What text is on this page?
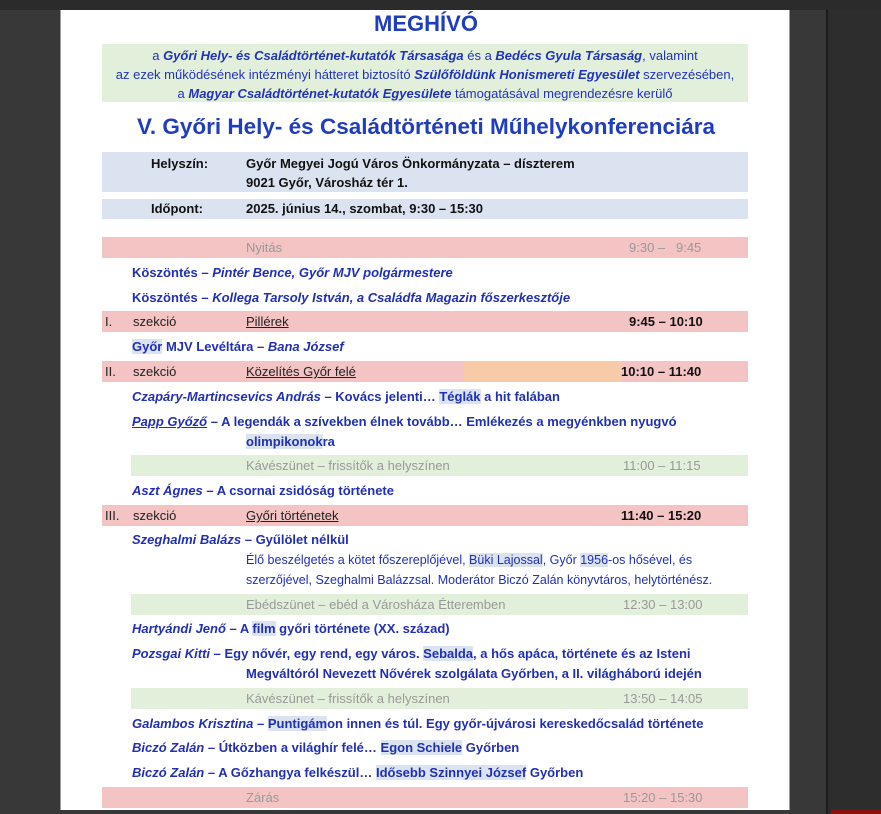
MEGHÍVÓ
a Győri Hely- és Családtörténet-kutatók Társasága és a Bedécs Gyula Társaság, valamint
az ezek működésének intézményi hátteret biztosító Szülőföldünk Honismereti Egyesület szervezésében,
a Magyar Családtörténet-kutatók Egyesülete támogatásával megrendezésre kerülő
V. Győri Hely- és Családtörténeti Műhelykonferenciára
Helyszín:	Győr Megyei Jogú Város Önkormányzata – díszterem
9021 Győr, Városház tér 1.
Időpont:	2025. június 14., szombat, 9:30 – 15:30
Nyitás	9:30 –   9:45
Köszöntés – Pintér Bence, Győr MJV polgármestere
Köszöntés – Kollega Tarsoly István, a Családfa Magazin főszerkesztője
I. szekció	Pillérek	9:45 – 10:10
Győr MJV Levéltára – Bana József
II. szekció	Közelítés Győr felé	10:10 – 11:40
Czapáry-Martincsevics András – Kovács jelenti… Téglák a hit falában
Papp Győző – A legendák a szívekben élnek tovább… Emlékezés a megyénkben nyugvó
olimpikonokra
Kávészünet – frissítők a helyszínen	11:00 – 11:15
Aszt Ágnes – A csornai zsidóság története
III. szekció	Győri történetek	11:40 – 15:20
Szeghalmi Balázs – Gyűlölet nélkül
Élő beszélgetés a kötet főszereplőjével, Büki Lajossal, Győr 1956-os hősével, és
szerzőjével, Szeghalmi Balázzsal. Moderátor Biczó Zalán könyvtáros, helytörténész.
Ebédszünet – ebéd a Városháza Étteremben	12:30 – 13:00
Hartyándi Jenő – A film győri története (XX. század)
Pozsgai Kitti – Egy nővér, egy rend, egy város. Sebalda, a hős apáca, története és az Isteni
Megváltóról Nevezett Nővérek szolgálata Győrben, a II. világháború idején
Kávészünet – frissítők a helyszínen	13:50 – 14:05
Galambos Krisztina – Puntigámon innen és túl. Egy győr-újvárosi kereskedőcsalád története
Biczó Zalán – Útközben a világhír felé… Egon Schiele Győrben
Biczó Zalán – A Gőzhangya felkészül… Idősebb Szinnyei József Győrben
Zárás	15:20 – 15:30
